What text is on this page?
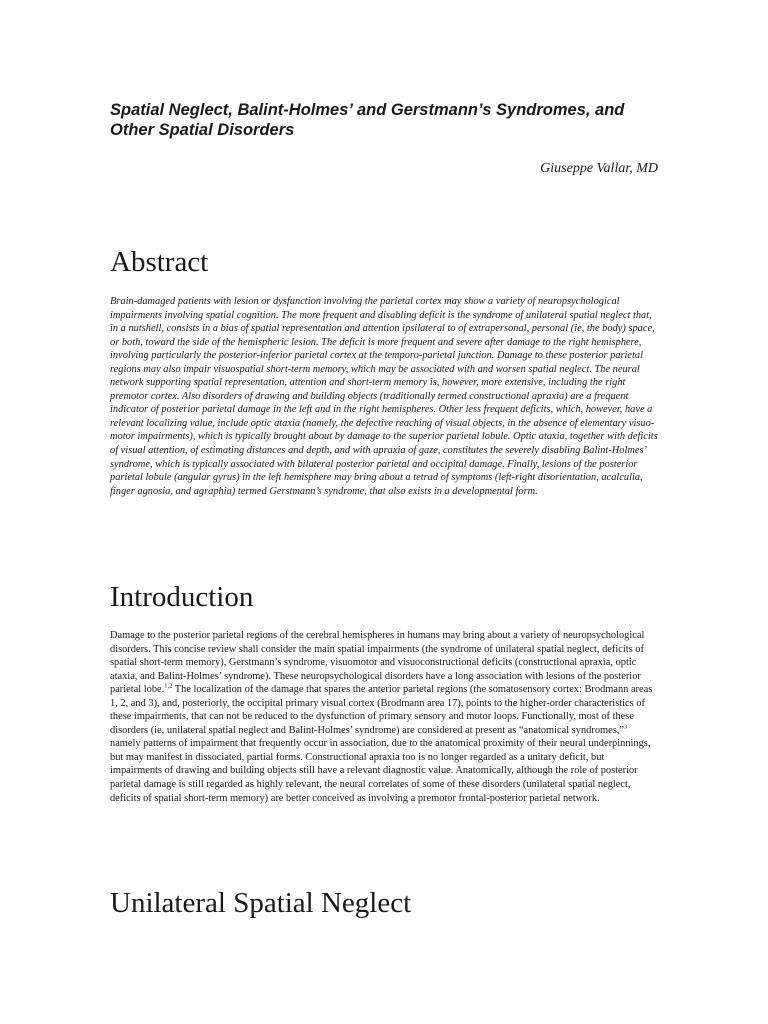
Spatial Neglect, Balint-Holmes’ and Gerstmann’s Syndromes, and Other Spatial Disorders

Giuseppe Vallar, MD

Abstract

Brain-damaged patients with lesion or dysfunction involving the parietal cortex may show a variety of neuropsychological impairments involving spatial cognition. The more frequent and disabling deficit is the syndrome of unilateral spatial neglect that, in a nutshell, consists in a bias of spatial representation and attention ipsilateral to of extrapersonal, personal (ie, the body) space, or both, toward the side of the hemispheric lesion. The deficit is more frequent and severe after damage to the right hemisphere, involving particularly the posterior-inferior parietal cortex at the temporo-parietal junction. Damage to these posterior parietal regions may also impair visuospatial short-term memory, which may be associated with and worsen spatial neglect. The neural network supporting spatial representation, attention and short-term memory is, however, more extensive, including the right premotor cortex. Also disorders of drawing and building objects (traditionally termed constructional apraxia) are a frequent indicator of posterior parietal damage in the left and in the right hemispheres. Other less frequent deficits, which, however, have a relevant localizing value, include optic ataxia (namely, the defective reaching of visual objects, in the absence of elementary visuo-motor impairments), which is typically brought about by damage to the superior parietal lobule. Optic ataxia, together with deficits of visual attention, of estimating distances and depth, and with apraxia of gaze, constitutes the severely disabling Balint-Holmes’ syndrome, which is typically associated with bilateral posterior parietal and occipital damage. Finally, lesions of the posterior parietal lobule (angular gyrus) in the left hemisphere may bring about a tetrad of symptoms (left-right disorientation, acalculia, finger agnosia, and agraphia) termed Gerstmann’s syndrome, that also exists in a developmental form.

Introduction

Damage to the posterior parietal regions of the cerebral hemispheres in humans may bring about a variety of neuropsychological disorders. This concise review shall consider the main spatial impairments (the syndrome of unilateral spatial neglect, deficits of spatial short-term memory), Gerstmann’s syndrome, visuomotor and visuoconstructional deficits (constructional apraxia, optic ataxia, and Balint-Holmes’ syndrome). These neuropsychological disorders have a long association with lesions of the posterior parietal lobe.$^{1,2}$ The localization of the damage that spares the anterior parietal regions (the somatosensory cortex: Brodmann areas 1, 2, and 3), and, posteriorly, the occipital primary visual cortex (Brodmann area 17), points to the higher-order characteristics of these impairments, that can not be reduced to the dysfunction of primary sensory and motor loops. Functionally, most of these disorders (ie, unilateral spatial neglect and Balint-Holmes’ syndrome) are considered at present as “anatomical syndromes,”$^3$ namely patterns of impairment that frequently occur in association, due to the anatomical proximity of their neural underpinnings, but may manifest in dissociated, partial forms. Constructional apraxia too is no longer regarded as a unitary deficit, but impairments of drawing and building objects still have a relevant diagnostic value. Anatomically, although the role of posterior parietal damage is still regarded as highly relevant, the neural correlates of some of these disorders (unilateral spatial neglect, deficits of spatial short-term memory) are better conceived as involving a premotor frontal-posterior parietal network.

Unilateral Spatial Neglect
